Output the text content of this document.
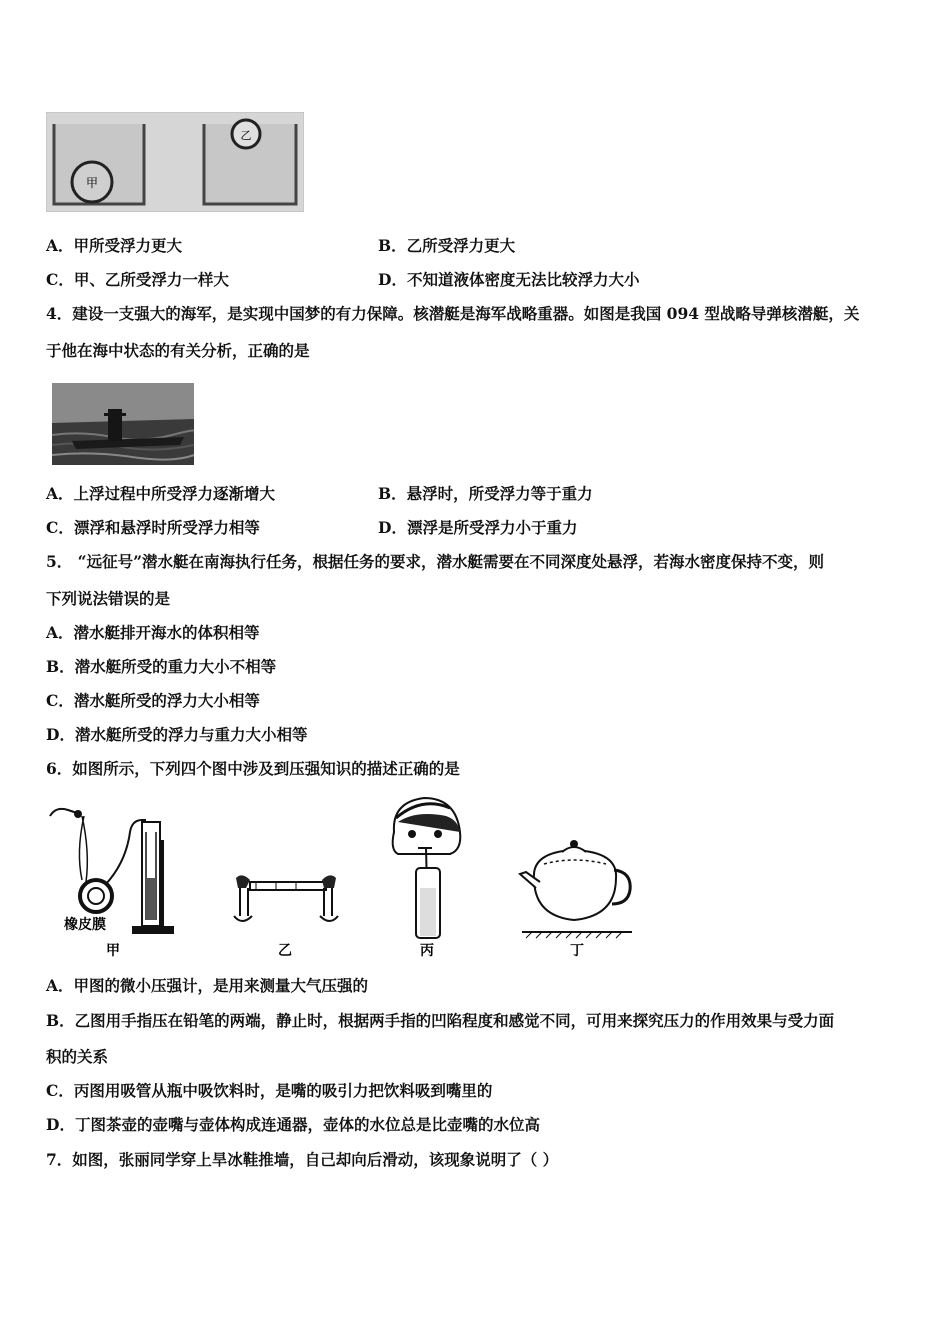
甲
乙
A．甲所受浮力更大	B．乙所受浮力更大
C．甲、乙所受浮力一样大	D．不知道液体密度无法比较浮力大小
4．建设一支强大的海军，是实现中国梦的有力保障。核潜艇是海军战略重器。如图是我国 094 型战略导弹核潜艇，关
于他在海中状态的有关分析，正确的是
A．上浮过程中所受浮力逐渐增大	B．悬浮时，所受浮力等于重力
C．漂浮和悬浮时所受浮力相等	D．漂浮是所受浮力小于重力
5． “远征号”潜水艇在南海执行任务，根据任务的要求，潜水艇需要在不同深度处悬浮，若海水密度保持不变，则
下列说法错误的是
A．潜水艇排开海水的体积相等
B．潜水艇所受的重力大小不相等
C．潜水艇所受的浮力大小相等
D．潜水艇所受的浮力与重力大小相等
6．如图所示，下列四个图中涉及到压强知识的描述正确的是
橡皮膜
甲	乙	丙	丁
A．甲图的微小压强计，是用来测量大气压强的
B．乙图用手指压在铅笔的两端，静止时，根据两手指的凹陷程度和感觉不同，可用来探究压力的作用效果与受力面
积的关系
C．丙图用吸管从瓶中吸饮料时，是嘴的吸引力把饮料吸到嘴里的
D．丁图茶壶的壶嘴与壶体构成连通器，壶体的水位总是比壶嘴的水位高
7．如图，张丽同学穿上旱冰鞋推墙，自己却向后滑动，该现象说明了（ ）
